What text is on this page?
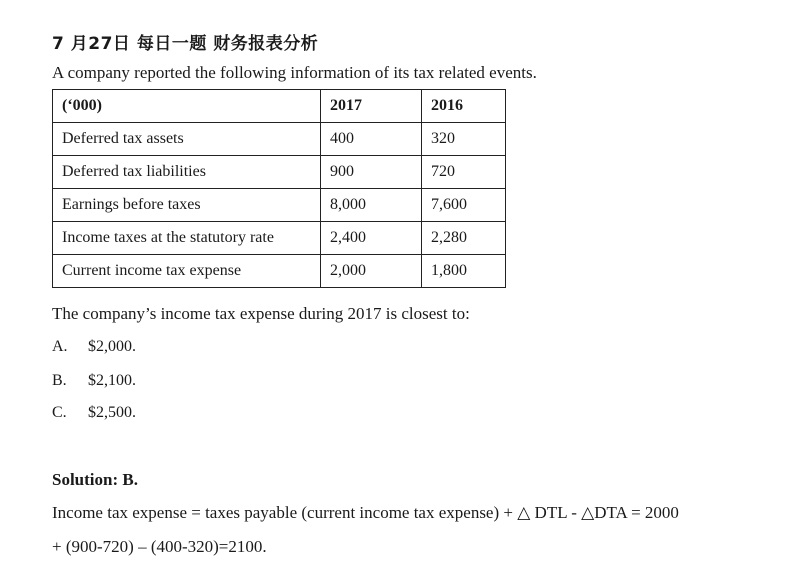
7 月27日 每日一题 财务报表分析
A company reported the following information of its tax related events.
(‘000)	2017	2016
Deferred tax assets	400	320
Deferred tax liabilities	900	720
Earnings before taxes	8,000	7,600
Income taxes at the statutory rate	2,400	2,280
Current income tax expense	2,000	1,800
The company’s income tax expense during 2017 is closest to:
A. $2,000.
B. $2,100.
C. $2,500.
Solution: B.
Income tax expense = taxes payable (current income tax expense) + △ DTL - △DTA = 2000
+ (900-720) – (400-320)=2100.
